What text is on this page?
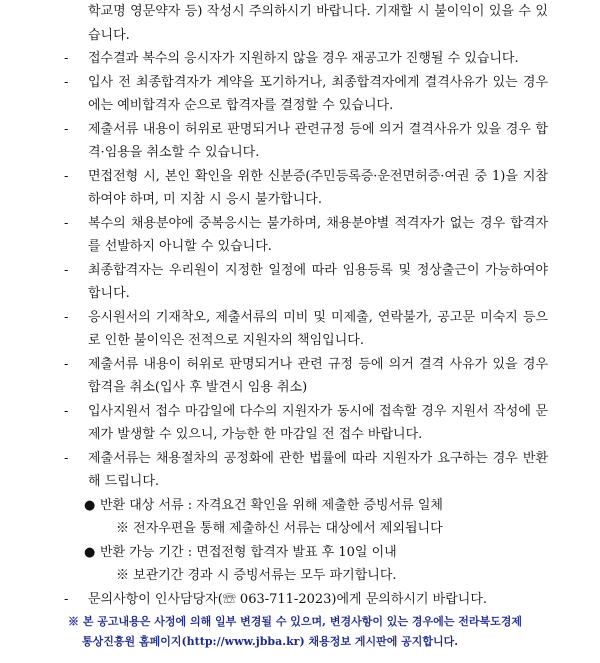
학교명 영문약자 등) 작성시 주의하시기 바랍니다. 기재할 시 불이익이 있을 수 있습니다.
- 접수결과 복수의 응시자가 지원하지 않을 경우 재공고가 진행될 수 있습니다.
- 입사 전 최종합격자가 계약을 포기하거나, 최종합격자에게 결격사유가 있는 경우에는 예비합격자 순으로 합격자를 결정할 수 있습니다.
- 제출서류 내용이 허위로 판명되거나 관련규정 등에 의거 결격사유가 있을 경우 합격·임용을 취소할 수 있습니다.
- 면접전형 시, 본인 확인을 위한 신분증(주민등록증·운전면허증·여권 중 1)을 지참 하여야 하며, 미 지참 시 응시 불가합니다.
- 복수의 채용분야에 중복응시는 불가하며, 채용분야별 적격자가 없는 경우 합격자를 선발하지 아니할 수 있습니다.
- 최종합격자는 우리원이 지정한 일정에 따라 임용등록 및 정상출근이 가능하여야 합니다.
- 응시원서의 기재착오, 제출서류의 미비 및 미제출, 연락불가, 공고문 미숙지 등으로 인한 불이익은 전적으로 지원자의 책임입니다.
- 제출서류 내용이 허위로 판명되거나 관련 규정 등에 의거 결격 사유가 있을 경우 합격을 취소(입사 후 발견시 임용 취소)
- 입사지원서 접수 마감일에 다수의 지원자가 동시에 접속할 경우 지원서 작성에 문제가 발생할 수 있으니, 가능한 한 마감일 전 접수 바랍니다.
- 제출서류는 채용절차의 공정화에 관한 법률에 따라 지원자가 요구하는 경우 반환해 드립니다.
● 반환 대상 서류 : 자격요건 확인을 위해 제출한 증빙서류 일체
※ 전자우편을 통해 제출하신 서류는 대상에서 제외됩니다
● 반환 가능 기간 : 면접전형 합격자 발표 후 10일 이내
※ 보관기간 경과 시 증빙서류는 모두 파기합니다.
- 문의사항이 인사담당자(☏ 063-711-2023)에게 문의하시기 바랍니다.
※ 본 공고내용은 사정에 의해 일부 변경될 수 있으며, 변경사항이 있는 경우에는 전라북도경제
통상진흥원 홈페이지(http://www.jbba.kr) 채용정보 게시판에 공지합니다.
